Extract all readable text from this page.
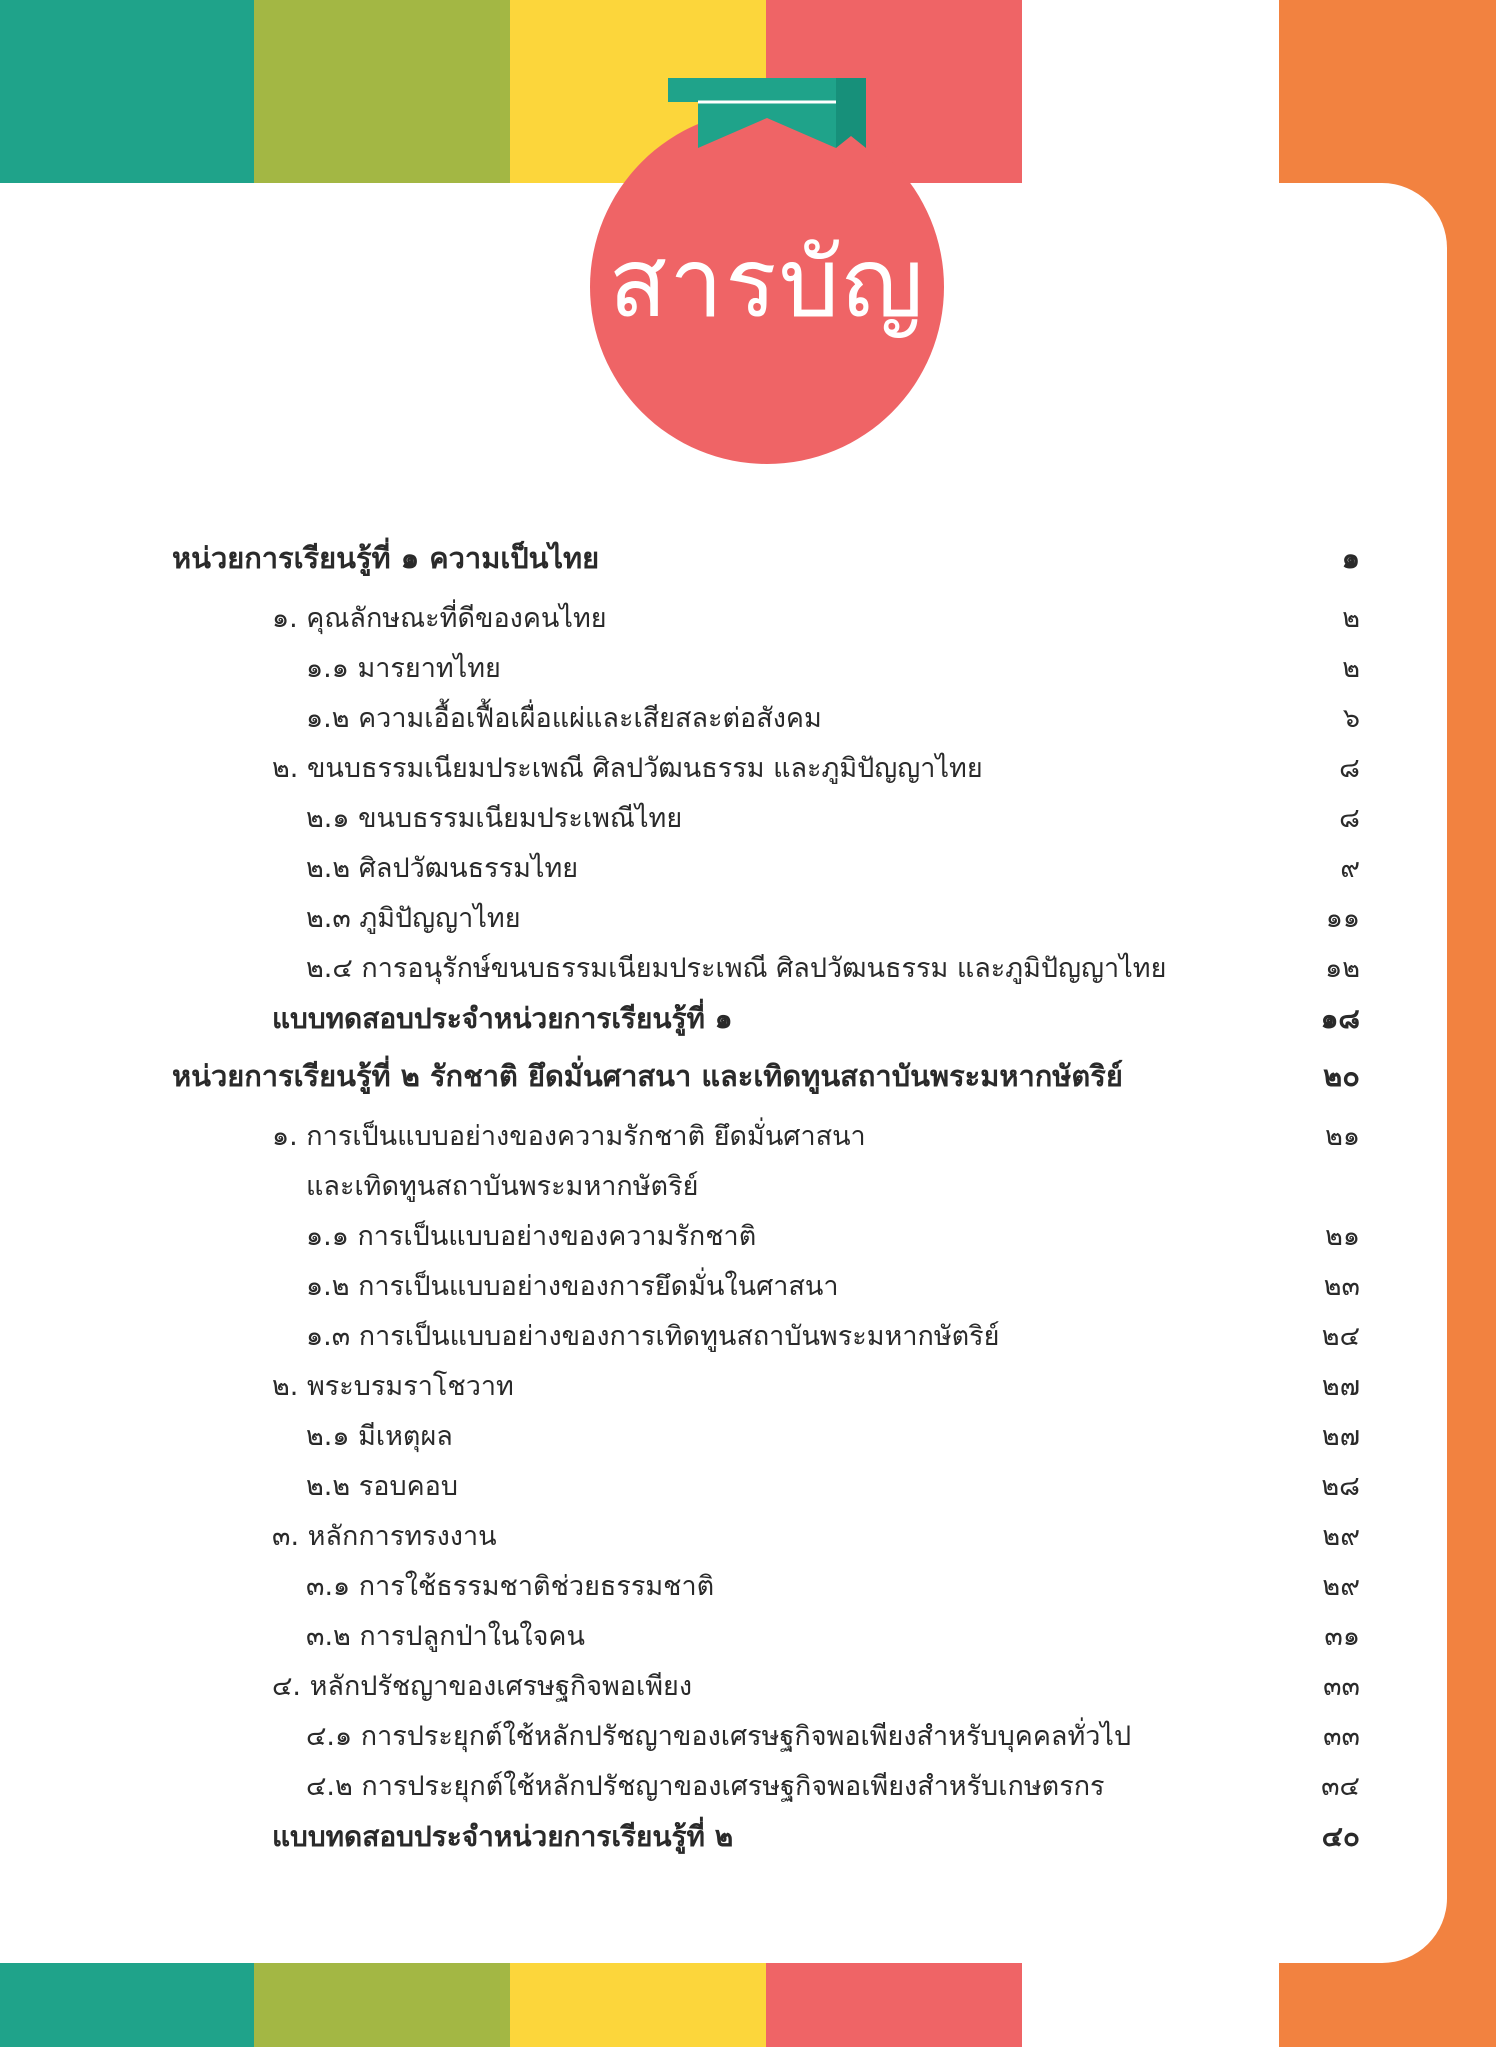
สารบัญ
หน่วยการเรียนรู้ที่ ๑ ความเป็นไทย	๑
๑. คุณลักษณะที่ดีของคนไทย	๒
๑.๑ มารยาทไทย	๒
๑.๒ ความเอื้อเฟื้อเผื่อแผ่และเสียสละต่อสังคม	๖
๒. ขนบธรรมเนียมประเพณี ศิลปวัฒนธรรม และภูมิปัญญาไทย	๘
๒.๑ ขนบธรรมเนียมประเพณีไทย	๘
๒.๒ ศิลปวัฒนธรรมไทย	๙
๒.๓ ภูมิปัญญาไทย	๑๑
๒.๔ การอนุรักษ์ขนบธรรมเนียมประเพณี ศิลปวัฒนธรรม และภูมิปัญญาไทย	๑๒
แบบทดสอบประจำหน่วยการเรียนรู้ที่ ๑	๑๘
หน่วยการเรียนรู้ที่ ๒ รักชาติ ยึดมั่นศาสนา และเทิดทูนสถาบันพระมหากษัตริย์	๒๐
๑. การเป็นแบบอย่างของความรักชาติ ยึดมั่นศาสนา	๒๑
และเทิดทูนสถาบันพระมหากษัตริย์
๑.๑ การเป็นแบบอย่างของความรักชาติ	๒๑
๑.๒ การเป็นแบบอย่างของการยึดมั่นในศาสนา	๒๓
๑.๓ การเป็นแบบอย่างของการเทิดทูนสถาบันพระมหากษัตริย์	๒๔
๒. พระบรมราโชวาท	๒๗
๒.๑ มีเหตุผล	๒๗
๒.๒ รอบคอบ	๒๘
๓. หลักการทรงงาน	๒๙
๓.๑ การใช้ธรรมชาติช่วยธรรมชาติ	๒๙
๓.๒ การปลูกป่าในใจคน	๓๑
๔. หลักปรัชญาของเศรษฐกิจพอเพียง	๓๓
๔.๑ การประยุกต์ใช้หลักปรัชญาของเศรษฐกิจพอเพียงสำหรับบุคคลทั่วไป	๓๓
๔.๒ การประยุกต์ใช้หลักปรัชญาของเศรษฐกิจพอเพียงสำหรับเกษตรกร	๓๔
แบบทดสอบประจำหน่วยการเรียนรู้ที่ ๒	๔๐
